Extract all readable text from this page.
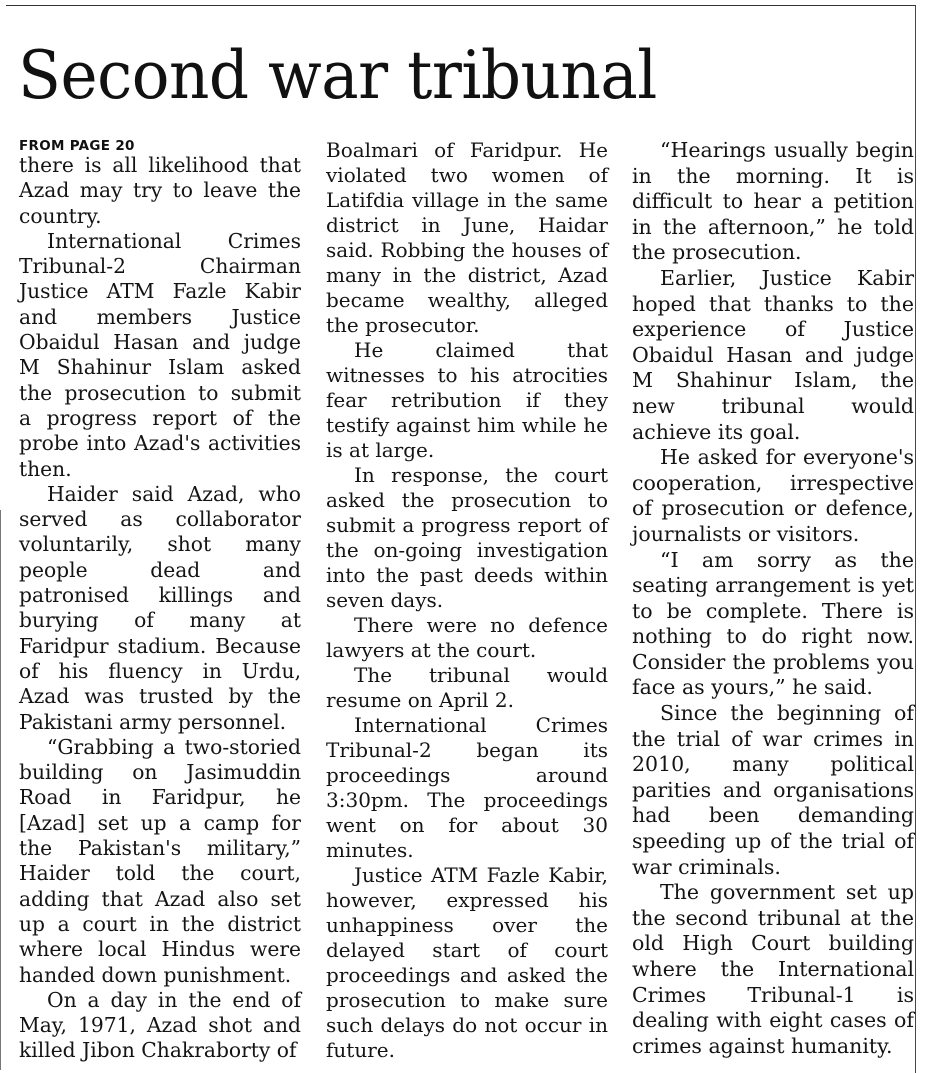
Second war tribunal
FROM PAGE 20

there is all likelihood that Azad may try to leave the country.

International Crimes Tribunal-2 Chairman Justice ATM Fazle Kabir and members Justice Obaidul Hasan and judge M Shahinur Islam asked the prosecution to submit a progress report of the probe into Azad's activities then.

Haider said Azad, who served as collaborator voluntarily, shot many people dead and patronised killings and burying of many at Faridpur stadium. Because of his fluency in Urdu, Azad was trusted by the Pakistani army personnel.

“Grabbing a two-storied building on Jasimuddin Road in Faridpur, he [Azad] set up a camp for the Pakistan's military,” Haider told the court, adding that Azad also set up a court in the district where local Hindus were handed down punishment.

On a day in the end of May, 1971, Azad shot and killed Jibon Chakraborty of

Boalmari of Faridpur. He violated two women of Latifdia village in the same district in June, Haidar said. Robbing the houses of many in the district, Azad became wealthy, alleged the prosecutor.

He claimed that witnesses to his atrocities fear retribution if they testify against him while he is at large.

In response, the court asked the prosecution to submit a progress report of the on-going investigation into the past deeds within seven days.

There were no defence lawyers at the court.

The tribunal would resume on April 2.

International Crimes Tribunal-2 began its proceedings around 3:30pm. The proceedings went on for about 30 minutes.

Justice ATM Fazle Kabir, however, expressed his unhappiness over the delayed start of court proceedings and asked the prosecution to make sure such delays do not occur in future.

“Hearings usually begin in the morning. It is difficult to hear a petition in the afternoon,” he told the prosecution.

Earlier, Justice Kabir hoped that thanks to the experience of Justice Obaidul Hasan and judge M Shahinur Islam, the new tribunal would achieve its goal.

He asked for everyone's cooperation, irrespective of prosecution or defence, journalists or visitors.

“I am sorry as the seating arrangement is yet to be complete. There is nothing to do right now. Consider the problems you face as yours,” he said.

Since the beginning of the trial of war crimes in 2010, many political parities and organisations had been demanding speeding up of the trial of war criminals.

The government set up the second tribunal at the old High Court building where the International Crimes Tribunal-1 is dealing with eight cases of crimes against humanity.
